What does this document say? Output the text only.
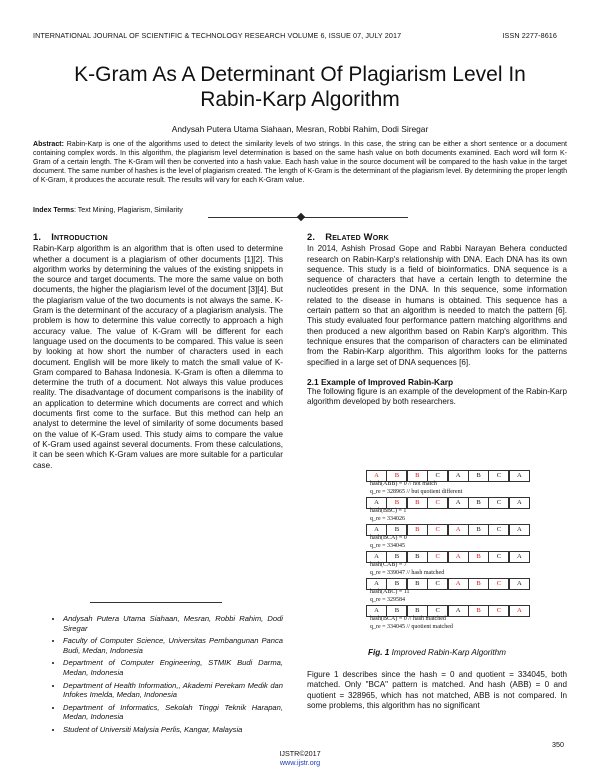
INTERNATIONAL JOURNAL OF SCIENTIFIC & TECHNOLOGY RESEARCH VOLUME 6, ISSUE 07, JULY 2017	ISSN 2277-8616
K-Gram As A Determinant Of Plagiarism Level In
Rabin-Karp Algorithm
Andysah Putera Utama Siahaan, Mesran, Robbi Rahim, Dodi Siregar
Abstract: Rabin-Karp is one of the algorithms used to detect the similarity levels of two strings. In this case, the string can be either a short sentence or a document containing complex words. In this algorithm, the plagiarism level determination is based on the same hash value on both documents examined. Each word will form K-Gram of a certain length. The K-Gram will then be converted into a hash value. Each hash value in the source document will be compared to the hash value in the target document. The same number of hashes is the level of plagiarism created. The length of K-Gram is the determinant of the plagiarism level. By determining the proper length of K-Gram, it produces the accurate result. The results will vary for each K-Gram value.
Index Terms: Text Mining, Plagiarism, Similarity
1. Introduction

Rabin-Karp algorithm is an algorithm that is often used to determine whether a document is a plagiarism of other documents [1][2]. This algorithm works by determining the values of the existing snippets in the source and target documents. The more the same value on both documents, the higher the plagiarism level of the document [3][4]. But the plagiarism value of the two documents is not always the same. K-Gram is the determinant of the accuracy of a plagiarism analysis. The problem is how to determine this value correctly to approach a high accuracy value. The value of K-Gram will be different for each language used on the documents to be compared. This value is seen by looking at how short the number of characters used in each document. English will be more likely to match the small value of K-Gram compared to Bahasa Indonesia. K-Gram is often a dilemma to determine the truth of a document. Not always this value produces reality. The disadvantage of document comparisons is the inability of an application to determine which documents are correct and which documents first come to the surface. But this method can help an analyst to determine the level of similarity of some documents based on the value of K-Gram used. This study aims to compare the value of K-Gram used against several documents. From these calculations, it can be seen which K-Gram values are more suitable for a particular case.

• Andysah Putera Utama Siahaan, Mesran, Robbi Rahim, Dodi Siregar
• Faculty of Computer Science, Universitas Pembangunan Panca Budi, Medan, Indonesia
• Department of Computer Engineering, STMIK Budi Darma, Medan, Indonesia
• Department of Health Information,, Akademi Perekam Medik dan Infokes Imelda, Medan, Indonesia
• Department of Informatics, Sekolah Tinggi Teknik Harapan, Medan, Indonesia
• Student of Universiti Malysia Perlis, Kangar, Malaysia
2. Related Work

In 2014, Ashish Prosad Gope and Rabbi Narayan Behera conducted research on Rabin-Karp's relationship with DNA. Each DNA has its own sequence. This study is a field of bioinformatics. DNA sequence is a sequence of characters that have a certain length to determine the nucleotides present in the DNA. In this sequence, some information related to the disease in humans is obtained. This sequence has a certain pattern so that an algorithm is needed to match the pattern [6]. This study evaluated four performance pattern matching algorithms and then produced a new algorithm based on Rabin Karp's algorithm. This technique ensures that the comparison of characters can be eliminated from the Rabin-Karp algorithm. This algorithm looks for the patterns specified in a large set of DNA sequences [6].

2.1 Example of Improved Rabin-Karp

The following figure is an example of the development of the Rabin-Karp algorithm developed by both researchers.

A	B	B	C	A	B	C	A
hash(ABB) = 0 // not match
q_re = 328965 // but quotient different
A	B	B	C	A	B	C	A
hash(BBC) = 1
q_re = 334026
A	B	B	C	A	B	C	A
hash(BCA) = 0
q_re = 334045
A	B	B	C	A	B	C	A
hash(CAB) = 7
q_re = 339047 // hash matched
A	B	B	C	A	B	C	A
hash(ABC) = 11
q_re = 329584
A	B	B	C	A	B	C	A
hash(BCA) = 0 // hash matched
q_re = 334045 // quotient matched
Fig. 1 Improved Rabin-Karp Algorithm
Figure 1 describes since the hash = 0 and quotient = 334045, both matched. Only "BCA" pattern is matched. And hash (ABB) = 0 and quotient = 328965, which has not matched, ABB is not compared. In some problems, this algorithm has no significant
350
IJSTR©2017
www.ijstr.org
